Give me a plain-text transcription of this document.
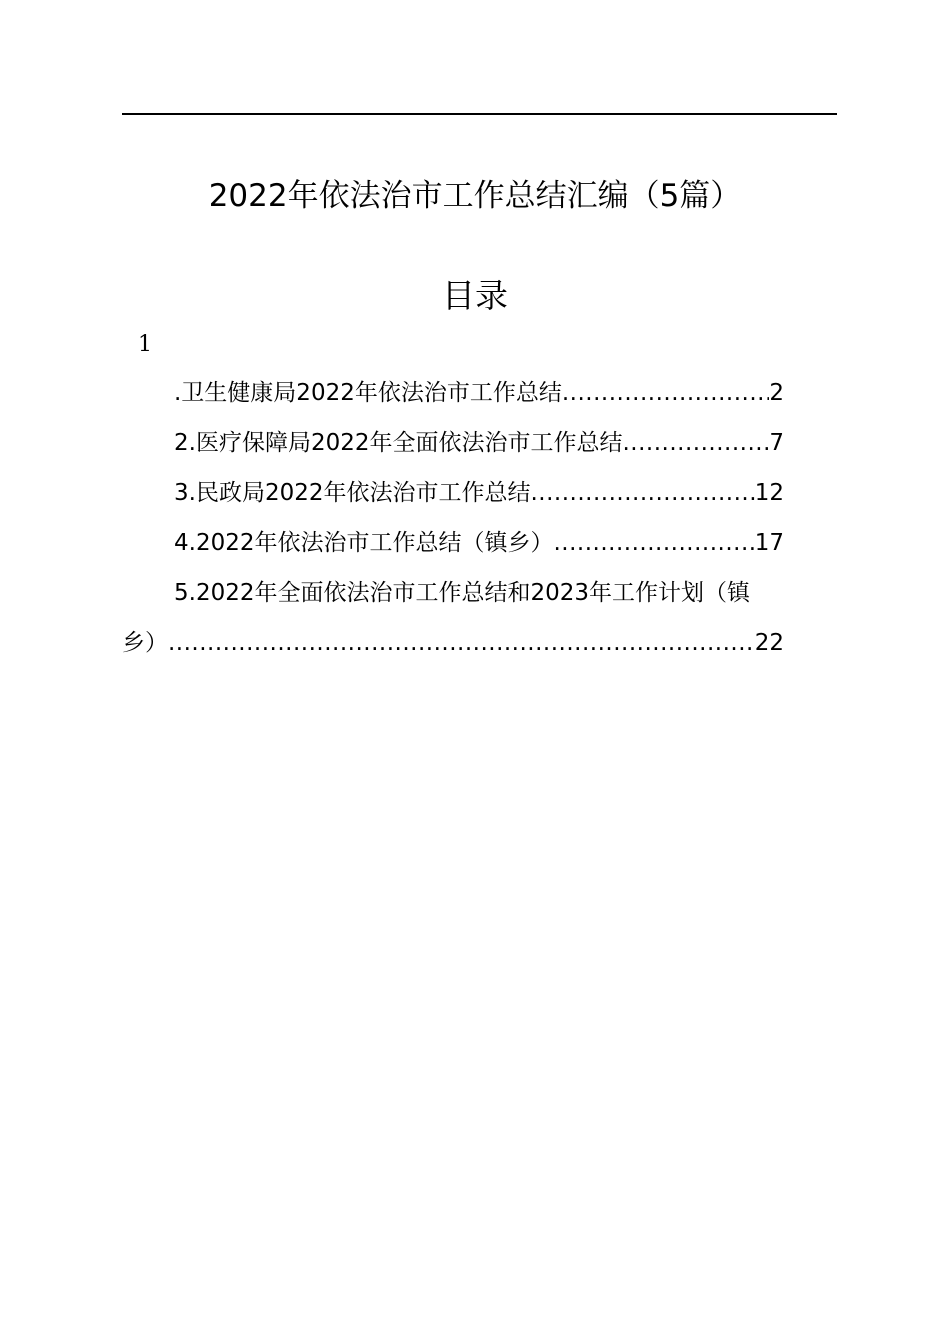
2022年依法治市工作总结汇编（5篇）
目录
1
.卫生健康局2022年依法治市工作总结 .....	2
2.医疗保障局2022年全面依法治市工作总结 .....	7
3.民政局2022年依法治市工作总结 .....	12
4.2022年依法治市工作总结（镇乡） .....	17
5.2022年全面依法治市工作总结和2023年工作计划（镇
乡） .....	22
